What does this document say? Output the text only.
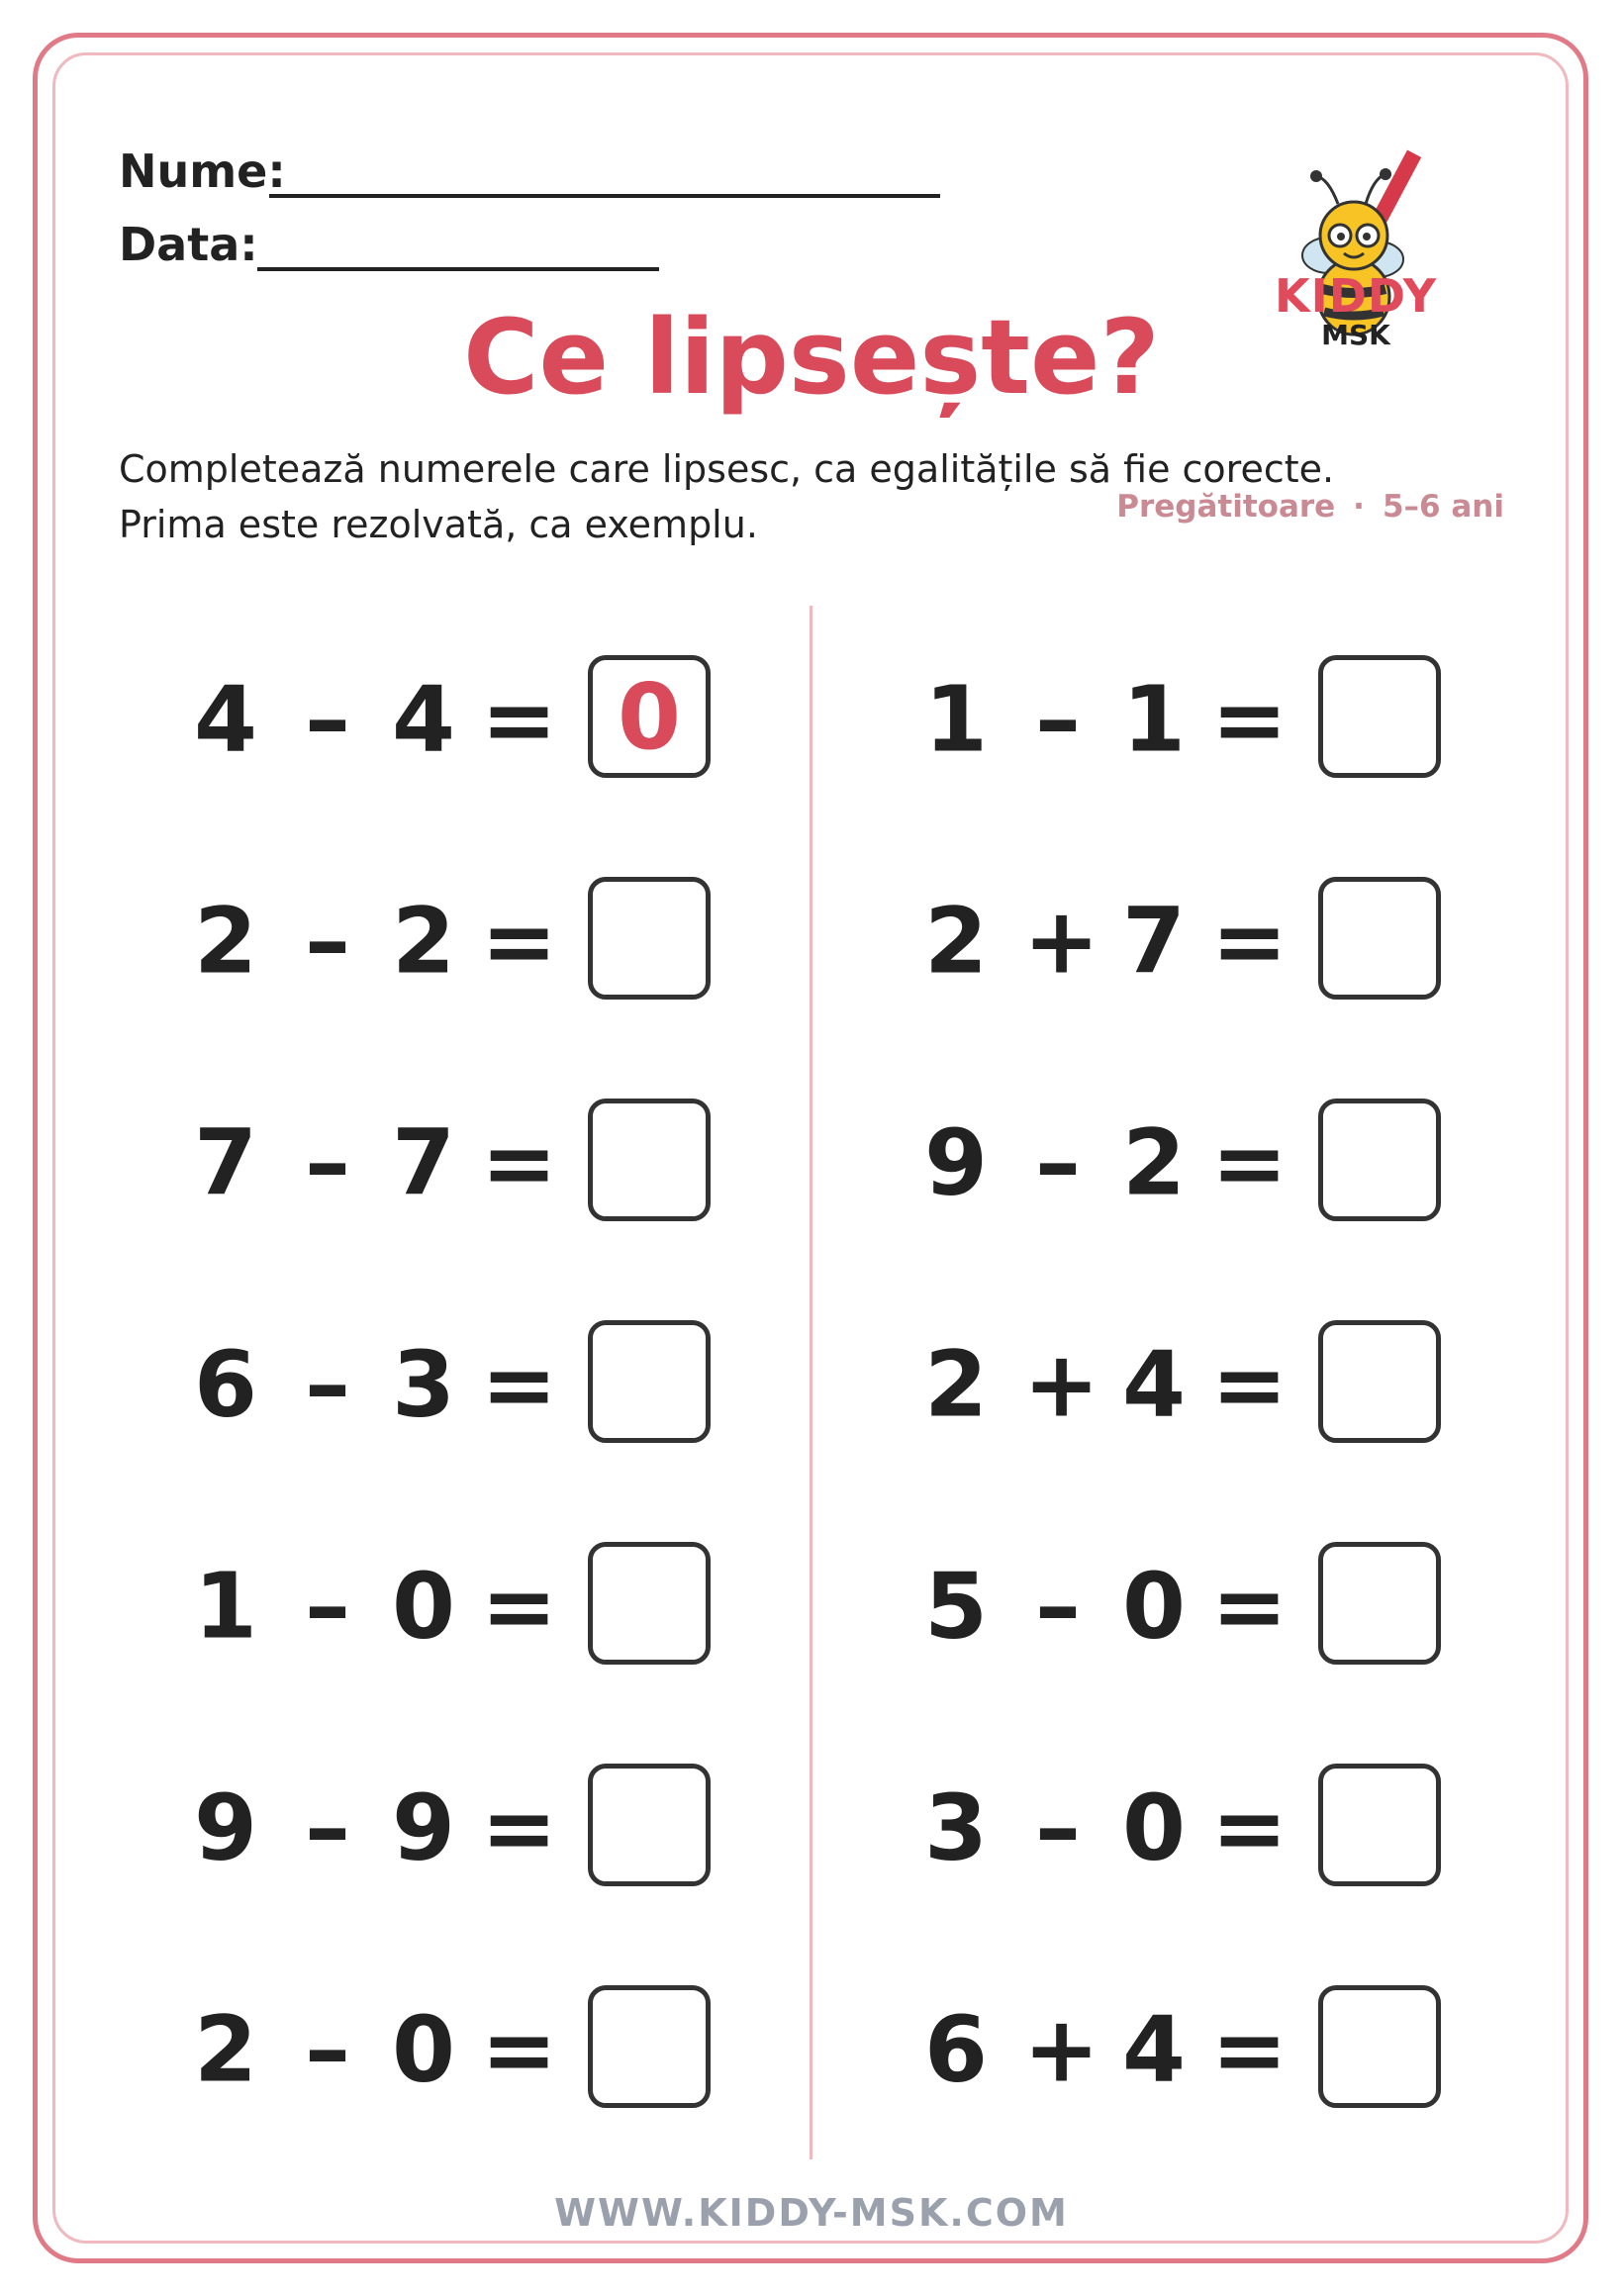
Nume:
Data:
KIDDY
MSK
Ce lipsește?
Completează numerele care lipsesc, ca egalitățile să fie corecte.
Prima este rezolvată, ca exemplu.	Pregătitoare · 5–6 ani
4 – 4 = 0
2 – 2 =
7 – 7 =
6 – 3 =
1 – 0 =
9 – 9 =
2 – 0 =
1 – 1 =
2 + 7 =
9 – 2 =
2 + 4 =
5 – 0 =
3 – 0 =
6 + 4 =
WWW.KIDDY-MSK.COM
